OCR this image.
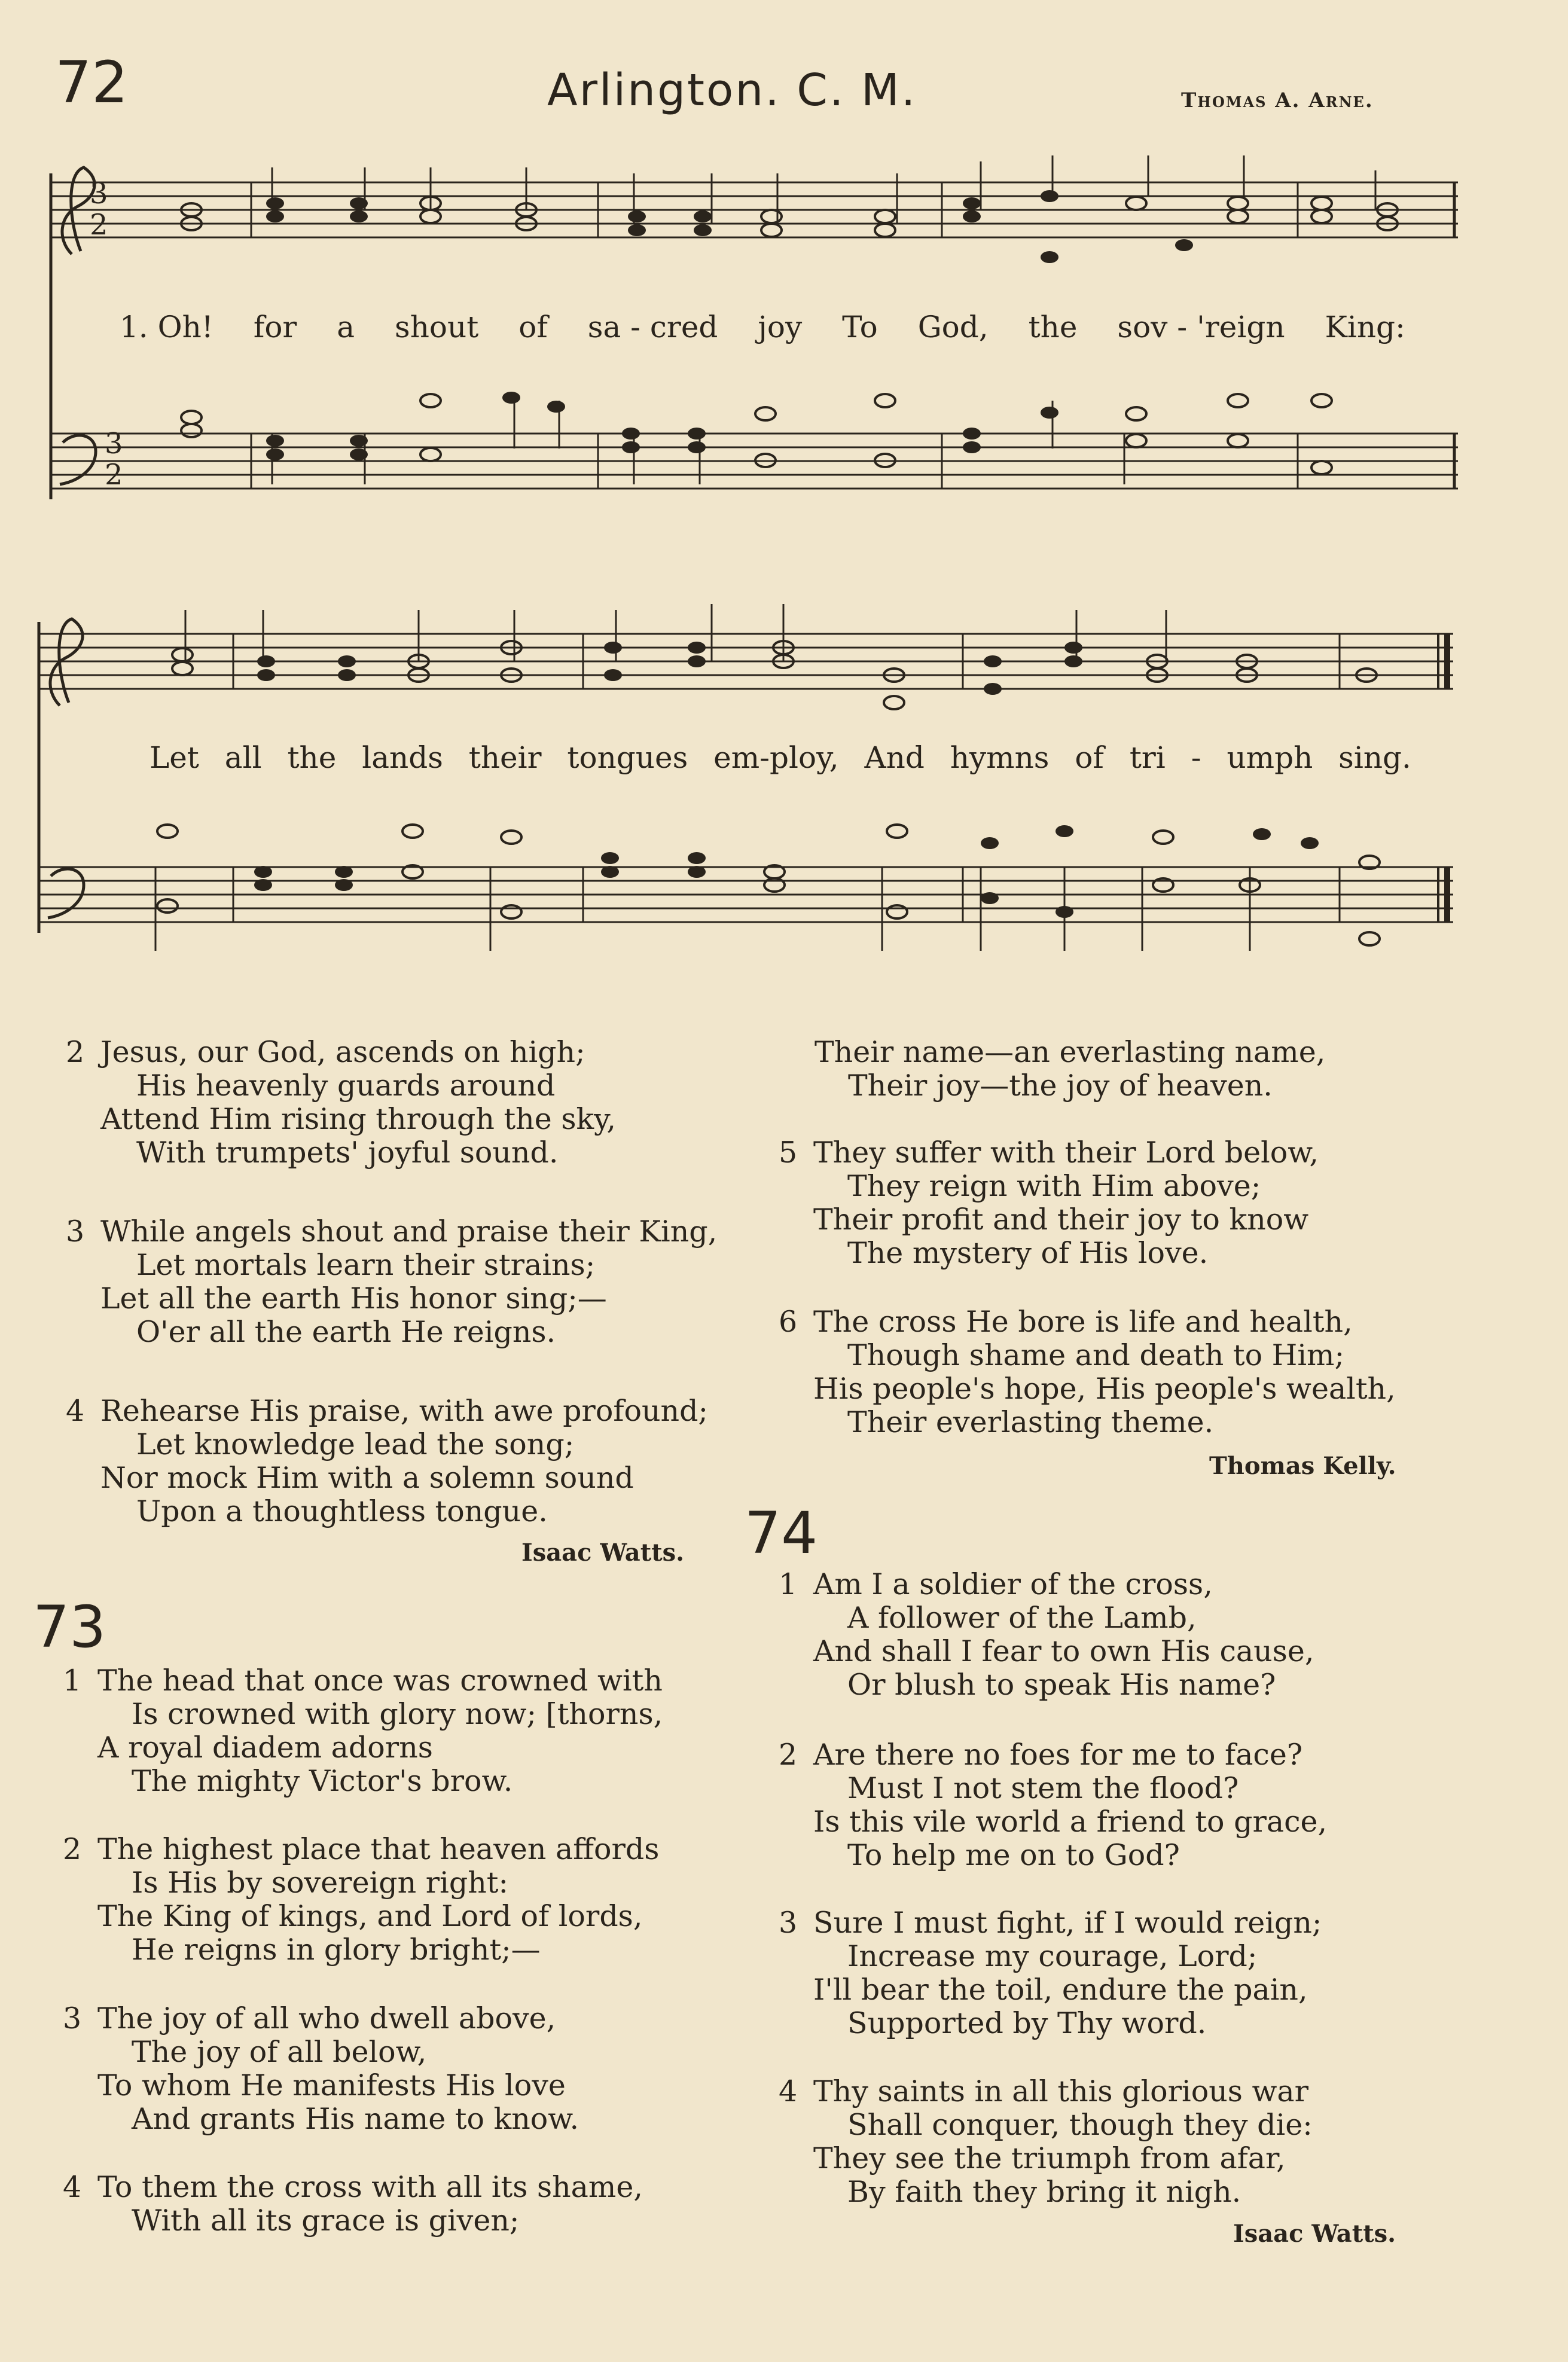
72	Arlington. C. M.	Thomas A. Arne.
3
2
3
2
1. Oh! for a shout of sa - cred joy To God, the sov - 'reign King:
Let all the lands their tongues em-ploy, And hymns of tri - umph sing.
2 Jesus, our God, ascends on high;
His heavenly guards around
Attend Him rising through the sky,
With trumpets' joyful sound.
3 While angels shout and praise their King,
Let mortals learn their strains;
Let all the earth His honor sing;—
O'er all the earth He reigns.
4 Rehearse His praise, with awe profound;
Let knowledge lead the song;
Nor mock Him with a solemn sound
Upon a thoughtless tongue.
Isaac Watts.
73
1 The head that once was crowned with
Is crowned with glory now; [thorns,
A royal diadem adorns
The mighty Victor's brow.
2 The highest place that heaven affords
Is His by sovereign right:
The King of kings, and Lord of lords,
He reigns in glory bright;—
3 The joy of all who dwell above,
The joy of all below,
To whom He manifests His love
And grants His name to know.
4 To them the cross with all its shame,
With all its grace is given;
Their name—an everlasting name,
Their joy—the joy of heaven.
5 They suffer with their Lord below,
They reign with Him above;
Their profit and their joy to know
The mystery of His love.
6 The cross He bore is life and health,
Though shame and death to Him;
His people's hope, His people's wealth,
Their everlasting theme.
Thomas Kelly.
74
1 Am I a soldier of the cross,
A follower of the Lamb,
And shall I fear to own His cause,
Or blush to speak His name?
2 Are there no foes for me to face?
Must I not stem the flood?
Is this vile world a friend to grace,
To help me on to God?
3 Sure I must fight, if I would reign;
Increase my courage, Lord;
I'll bear the toil, endure the pain,
Supported by Thy word.
4 Thy saints in all this glorious war
Shall conquer, though they die:
They see the triumph from afar,
By faith they bring it nigh.
Isaac Watts.
